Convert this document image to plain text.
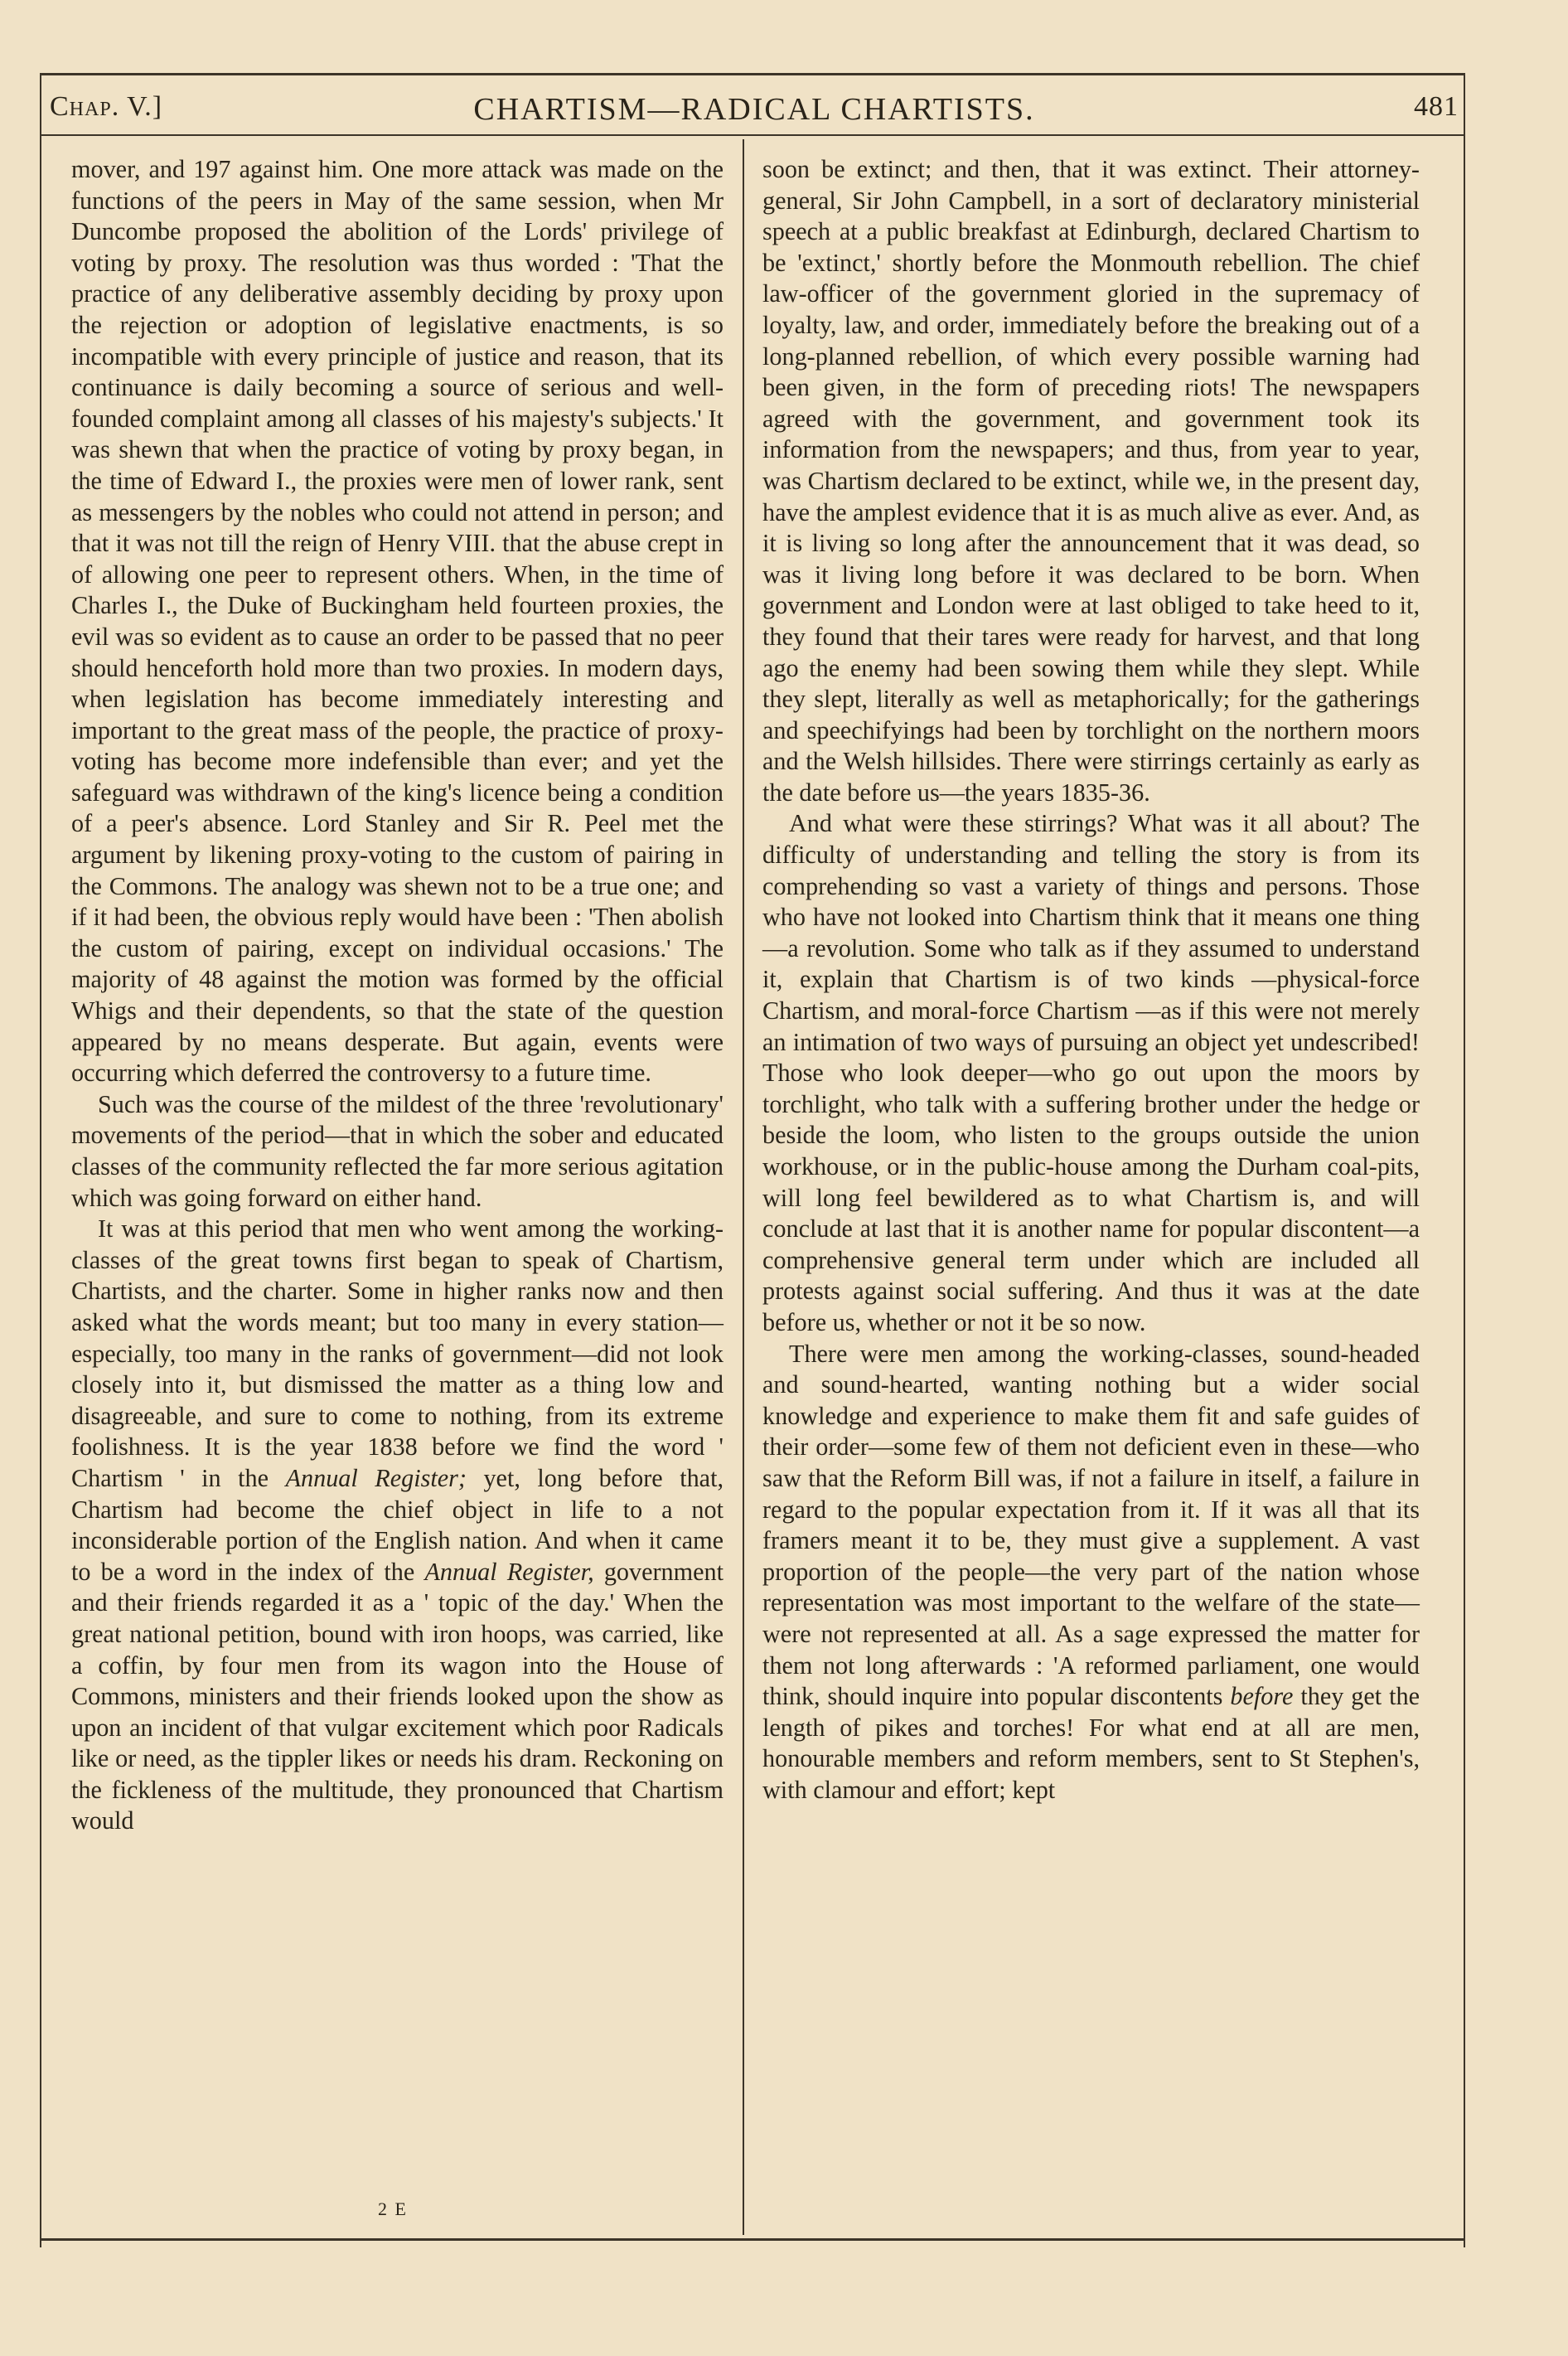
Chap. V.]	CHARTISM—RADICAL CHARTISTS.	481

mover, and 197 against him. One more attack was made on the functions of the peers in May of the same session, when Mr Duncombe proposed the abolition of the Lords' privilege of voting by proxy. The resolution was thus worded : 'That the practice of any deliberative assembly deciding by proxy upon the rejection or adoption of legislative enactments, is so incompatible with every principle of justice and reason, that its continuance is daily becoming a source of serious and well-founded complaint among all classes of his majesty's subjects.' It was shewn that when the practice of voting by proxy began, in the time of Edward I., the proxies were men of lower rank, sent as messengers by the nobles who could not attend in person; and that it was not till the reign of Henry VIII. that the abuse crept in of allowing one peer to represent others. When, in the time of Charles I., the Duke of Buckingham held fourteen proxies, the evil was so evident as to cause an order to be passed that no peer should henceforth hold more than two proxies. In modern days, when legislation has become immediately interesting and important to the great mass of the people, the practice of proxy-voting has become more indefensible than ever; and yet the safeguard was withdrawn of the king's licence being a condition of a peer's absence. Lord Stanley and Sir R. Peel met the argument by likening proxy-voting to the custom of pairing in the Commons. The analogy was shewn not to be a true one; and if it had been, the obvious reply would have been : 'Then abolish the custom of pairing, except on individual occasions.' The majority of 48 against the motion was formed by the official Whigs and their dependents, so that the state of the question appeared by no means desperate. But again, events were occurring which deferred the controversy to a future time.

Such was the course of the mildest of the three 'revolutionary' movements of the period—that in which the sober and educated classes of the community reflected the far more serious agitation which was going forward on either hand.

It was at this period that men who went among the working-classes of the great towns first began to speak of Chartism, Chartists, and the charter. Some in higher ranks now and then asked what the words meant; but too many in every station—especially, too many in the ranks of government—did not look closely into it, but dismissed the matter as a thing low and disagreeable, and sure to come to nothing, from its extreme foolishness. It is the year 1838 before we find the word ' Chartism ' in the Annual Register; yet, long before that, Chartism had become the chief object in life to a not inconsiderable portion of the English nation. And when it came to be a word in the index of the Annual Register, government and their friends regarded it as a ' topic of the day.' When the great national petition, bound with iron hoops, was carried, like a coffin, by four men from its wagon into the House of Commons, ministers and their friends looked upon the show as upon an incident of that vulgar excitement which poor Radicals like or need, as the tippler likes or needs his dram. Reckoning on the fickleness of the multitude, they pronounced that Chartism would

soon be extinct; and then, that it was extinct. Their attorney-general, Sir John Campbell, in a sort of declaratory ministerial speech at a public breakfast at Edinburgh, declared Chartism to be 'extinct,' shortly before the Monmouth rebellion. The chief law-officer of the government gloried in the supremacy of loyalty, law, and order, immediately before the breaking out of a long-planned rebellion, of which every possible warning had been given, in the form of preceding riots! The newspapers agreed with the government, and government took its information from the newspapers; and thus, from year to year, was Chartism declared to be extinct, while we, in the present day, have the amplest evidence that it is as much alive as ever. And, as it is living so long after the announcement that it was dead, so was it living long before it was declared to be born. When government and London were at last obliged to take heed to it, they found that their tares were ready for harvest, and that long ago the enemy had been sowing them while they slept. While they slept, literally as well as metaphorically; for the gatherings and speechifyings had been by torchlight on the northern moors and the Welsh hillsides. There were stirrings certainly as early as the date before us—the years 1835-36.

And what were these stirrings? What was it all about? The difficulty of understanding and telling the story is from its comprehending so vast a variety of things and persons. Those who have not looked into Chartism think that it means one thing—a revolution. Some who talk as if they assumed to understand it, explain that Chartism is of two kinds —physical-force Chartism, and moral-force Chartism —as if this were not merely an intimation of two ways of pursuing an object yet undescribed! Those who look deeper—who go out upon the moors by torchlight, who talk with a suffering brother under the hedge or beside the loom, who listen to the groups outside the union workhouse, or in the public-house among the Durham coal-pits, will long feel bewildered as to what Chartism is, and will conclude at last that it is another name for popular discontent—a comprehensive general term under which are included all protests against social suffering. And thus it was at the date before us, whether or not it be so now.

There were men among the working-classes, sound-headed and sound-hearted, wanting nothing but a wider social knowledge and experience to make them fit and safe guides of their order—some few of them not deficient even in these—who saw that the Reform Bill was, if not a failure in itself, a failure in regard to the popular expectation from it. If it was all that its framers meant it to be, they must give a supplement. A vast proportion of the people—the very part of the nation whose representation was most important to the welfare of the state—were not represented at all. As a sage expressed the matter for them not long afterwards : 'A reformed parliament, one would think, should inquire into popular discontents before they get the length of pikes and torches! For what end at all are men, honourable members and reform members, sent to St Stephen's, with clamour and effort; kept

2 E
